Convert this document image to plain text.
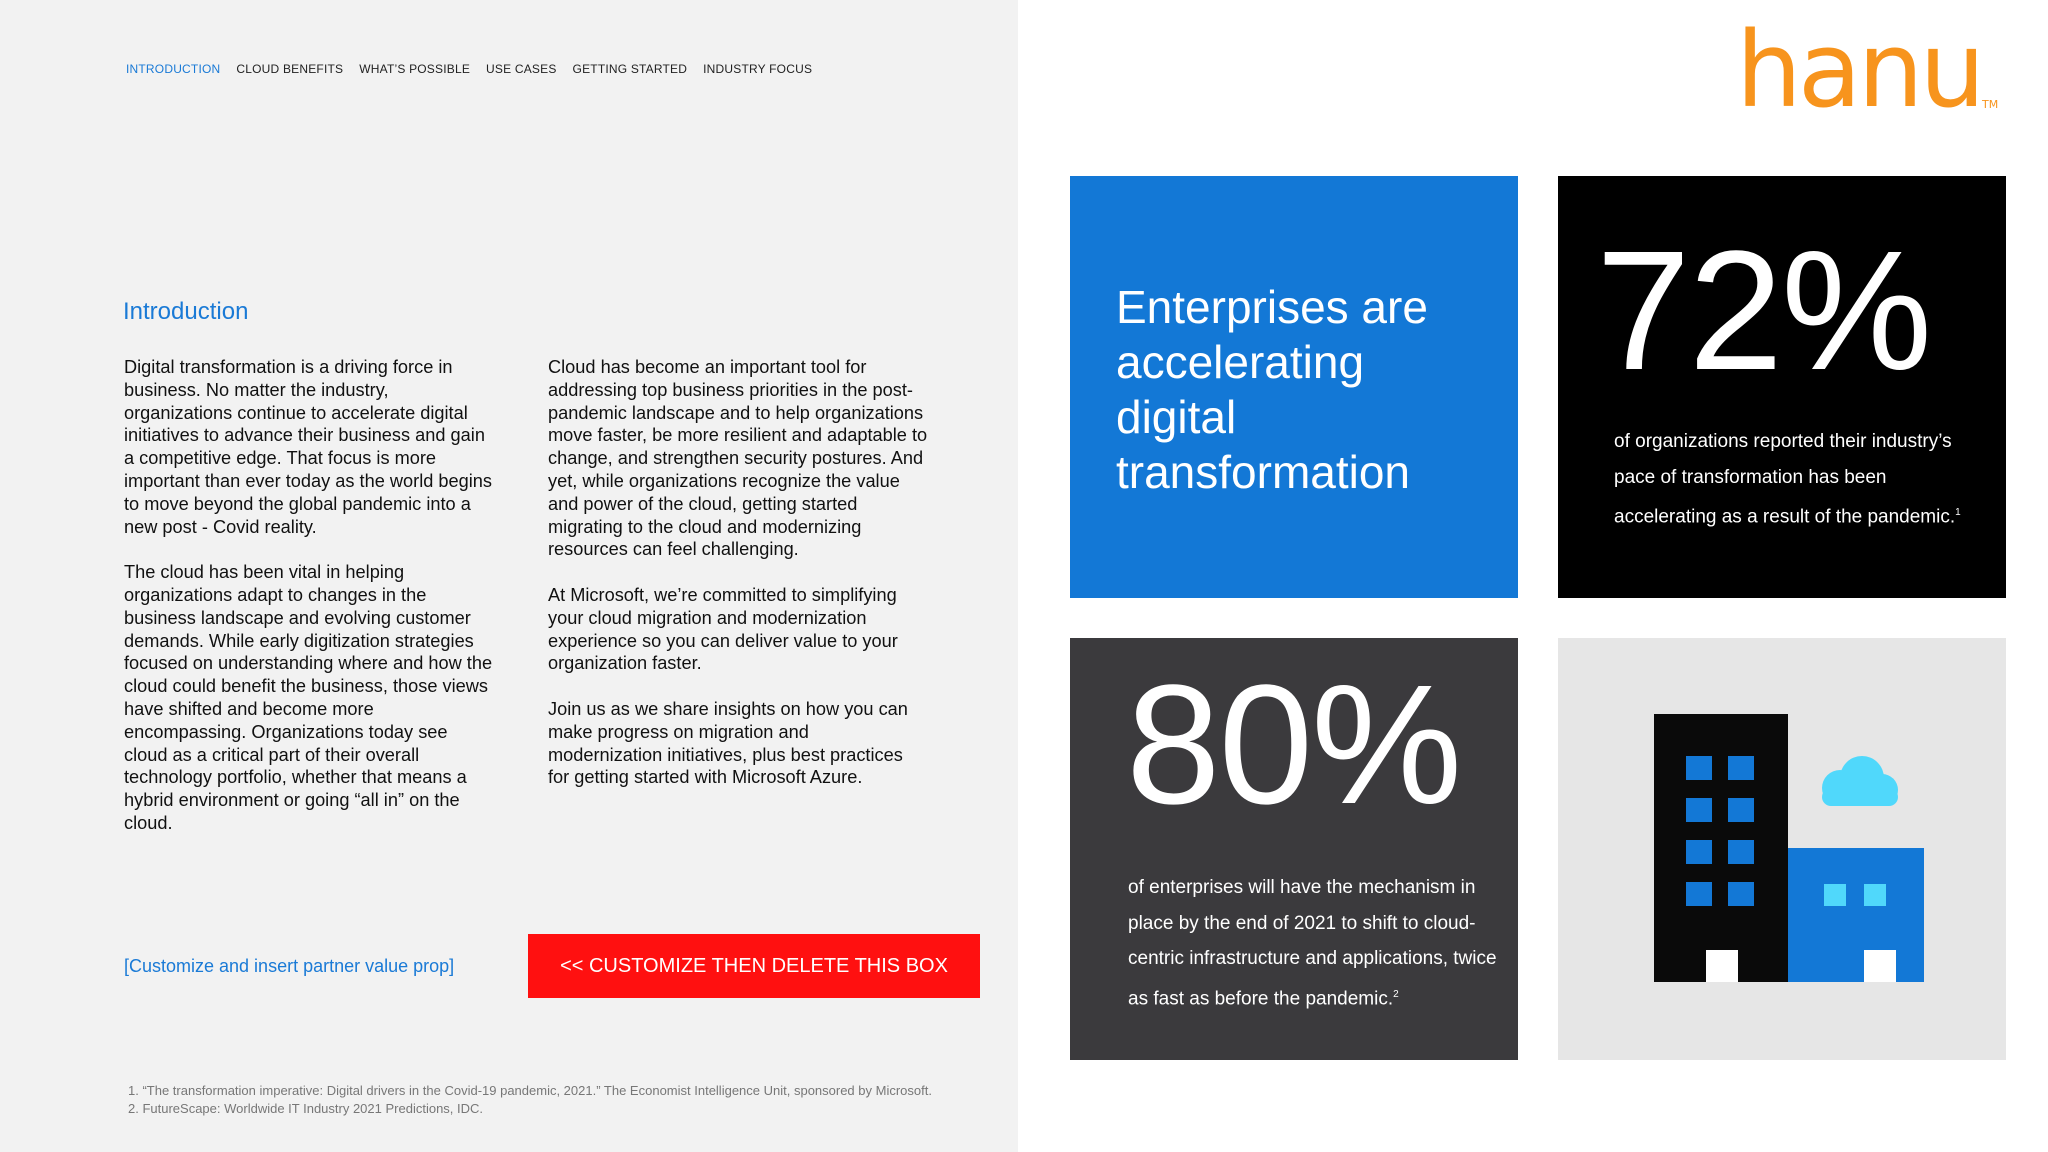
INTRODUCTION CLOUD BENEFITS WHAT’S POSSIBLE USE CASES GETTING STARTED INDUSTRY FOCUS
Introduction

Digital transformation is a driving force in business. No matter the industry, organizations continue to accelerate digital initiatives to advance their business and gain a competitive edge. That focus is more important than ever today as the world begins to move beyond the global pandemic into a new post - Covid reality.

The cloud has been vital in helping organizations adapt to changes in the business landscape and evolving customer demands. While early digitization strategies focused on understanding where and how the cloud could benefit the business, those views have shifted and become more encompassing. Organizations today see cloud as a critical part of their overall technology portfolio, whether that means a hybrid environment or going “all in” on the cloud.

Cloud has become an important tool for addressing top business priorities in the post-pandemic landscape and to help organizations move faster, be more resilient and adaptable to change, and strengthen security postures. And yet, while organizations recognize the value and power of the cloud, getting started migrating to the cloud and modernizing resources can feel challenging.

At Microsoft, we’re committed to simplifying your cloud migration and modernization experience so you can deliver value to your organization faster.

Join us as we share insights on how you can make progress on migration and modernization initiatives, plus best practices for getting started with Microsoft Azure.

[Customize and insert partner value prop]	<< CUSTOMIZE THEN DELETE THIS BOX
1. “The transformation imperative: Digital drivers in the Covid-19 pandemic, 2021.” The Economist Intelligence Unit, sponsored by Microsoft.
2. FutureScape: Worldwide IT Industry 2021 Predictions, IDC.
hanu TM
Enterprises are accelerating digital transformation
72%
of organizations reported their industry’s pace of transformation has been accelerating as a result of the pandemic.$^1$
80%
of enterprises will have the mechanism in place by the end of 2021 to shift to cloud-centric infrastructure and applications, twice as fast as before the pandemic.$^2$
